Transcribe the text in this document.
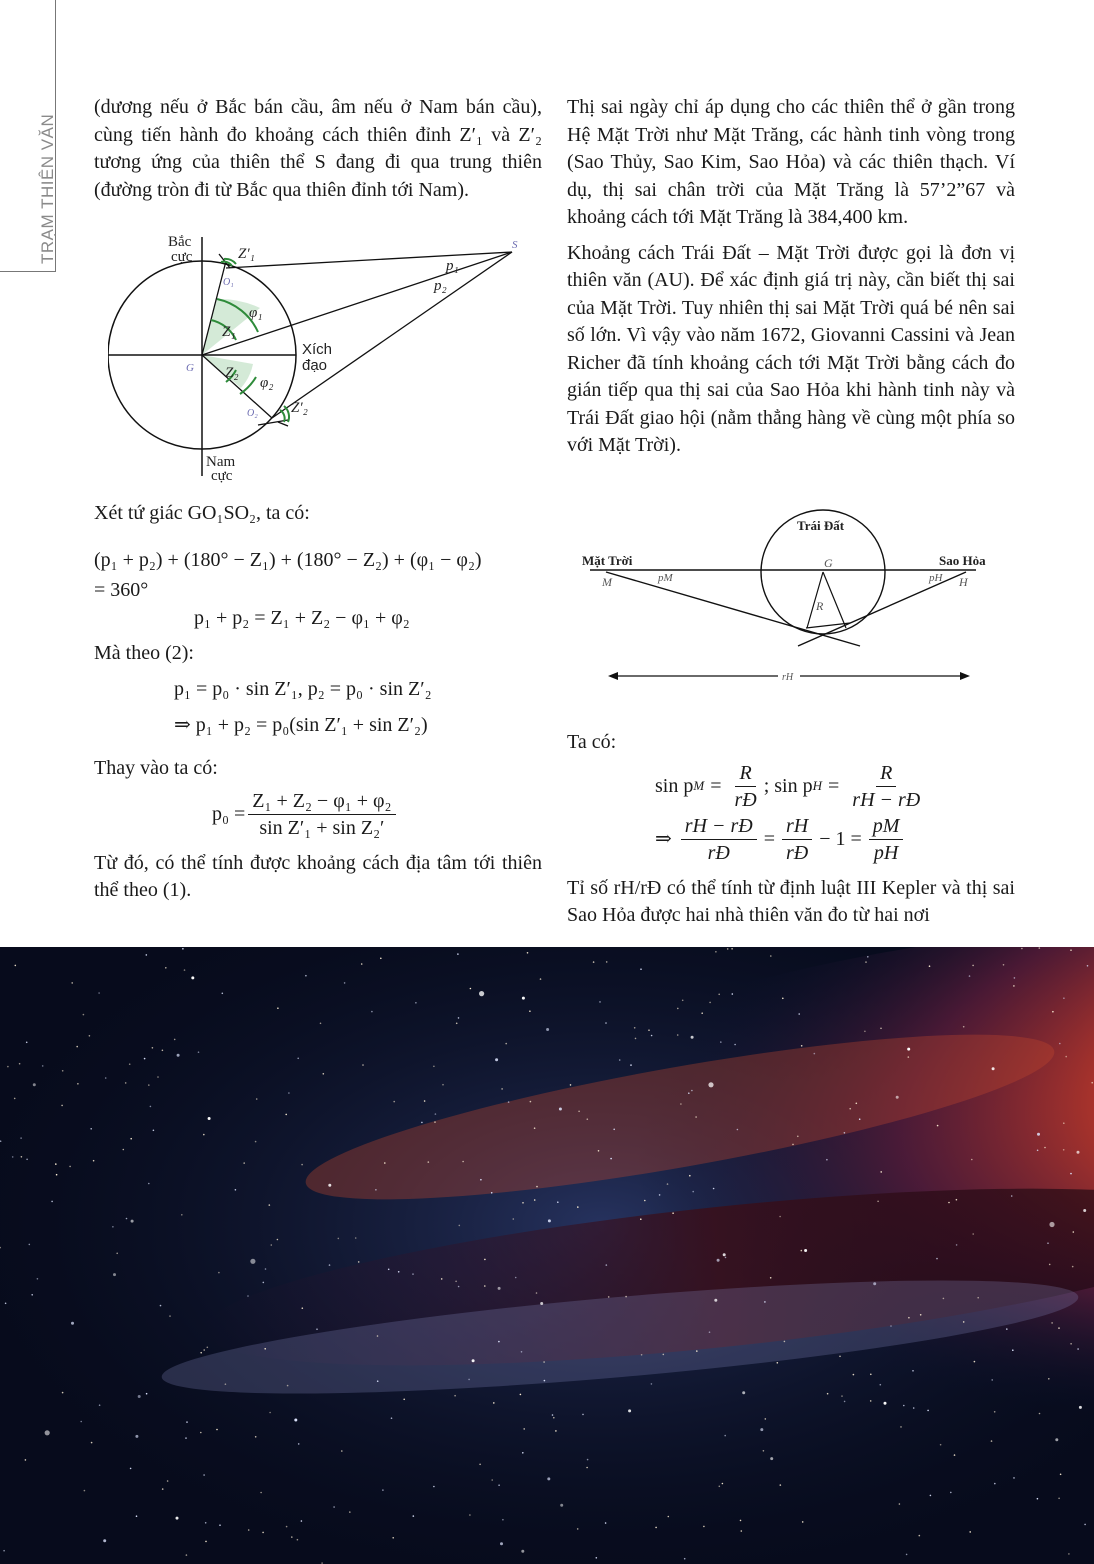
TRẠM THIÊN VĂN

(dương nếu ở Bắc bán cầu, âm nếu ở Nam bán cầu), cùng tiến hành đo khoảng cách thiên đỉnh Z′₁ và Z′₂ tương ứng của thiên thể S đang đi qua trung thiên (đường tròn đi từ Bắc qua thiên đỉnh tới Nam).

Bắc
cực
Nam
cực
Xích
đạo
S
G
O₁
O₂
Z′₁
Z′₂
Z₁
Z₂
φ₁
φ₂
p₁
p₂

Xét tứ giác GO₁SO₂, ta có:

(p₁ + p₂) + (180° − Z₁) + (180° − Z₂) + (φ₁ − φ₂)
= 360°
p₁ + p₂ = Z₁ + Z₂ − φ₁ + φ₂

Mà theo (2):

p₁ = p₀ · sin Z′₁, p₂ = p₀ · sin Z′₂
⇒ p₁ + p₂ = p₀(sin Z′₁ + sin Z′₂)

Thay vào ta có:

$p_0 = \frac{\text{Z₁ + Z₂ − φ₁ + φ₂}}{\text{sin Z′₁ + sin Z₂′}}$

Từ đó, có thể tính được khoảng cách địa tâm tới thiên thể theo (1).

Thị sai ngày chỉ áp dụng cho các thiên thể ở gần trong Hệ Mặt Trời như Mặt Trăng, các hành tinh vòng trong (Sao Thủy, Sao Kim, Sao Hỏa) và các thiên thạch. Ví dụ, thị sai chân trời của Mặt Trăng là 57’2”67 và khoảng cách tới Mặt Trăng là 384,400 km.

Khoảng cách Trái Đất – Mặt Trời được gọi là đơn vị thiên văn (AU). Để xác định giá trị này, cần biết thị sai của Mặt Trời. Tuy nhiên thị sai Mặt Trời quá bé nên sai số lớn. Vì vậy vào năm 1672, Giovanni Cassini và Jean Richer đã tính khoảng cách tới Mặt Trời bằng cách đo gián tiếp qua thị sai của Sao Hỏa khi hành tinh này và Trái Đất giao hội (nằm thẳng hàng về cùng một phía so với Mặt Trời).

Trái Đất
Mặt Trời	Sao Hỏa
M	H
G
R
pM	pH
rH

Ta có:

sin p $M = \frac{R}{rĐ}$ ; sin p $H = \frac{R}{rH - rĐ}$
⇒ $\frac{rH - rĐ}{rĐ} = \frac{rH}{rĐ} - 1 = \frac{pM}{pH}$

Tỉ số rH/rĐ có thể tính từ định luật III Kepler và thị sai Sao Hỏa được hai nhà thiên văn đo từ hai nơi
